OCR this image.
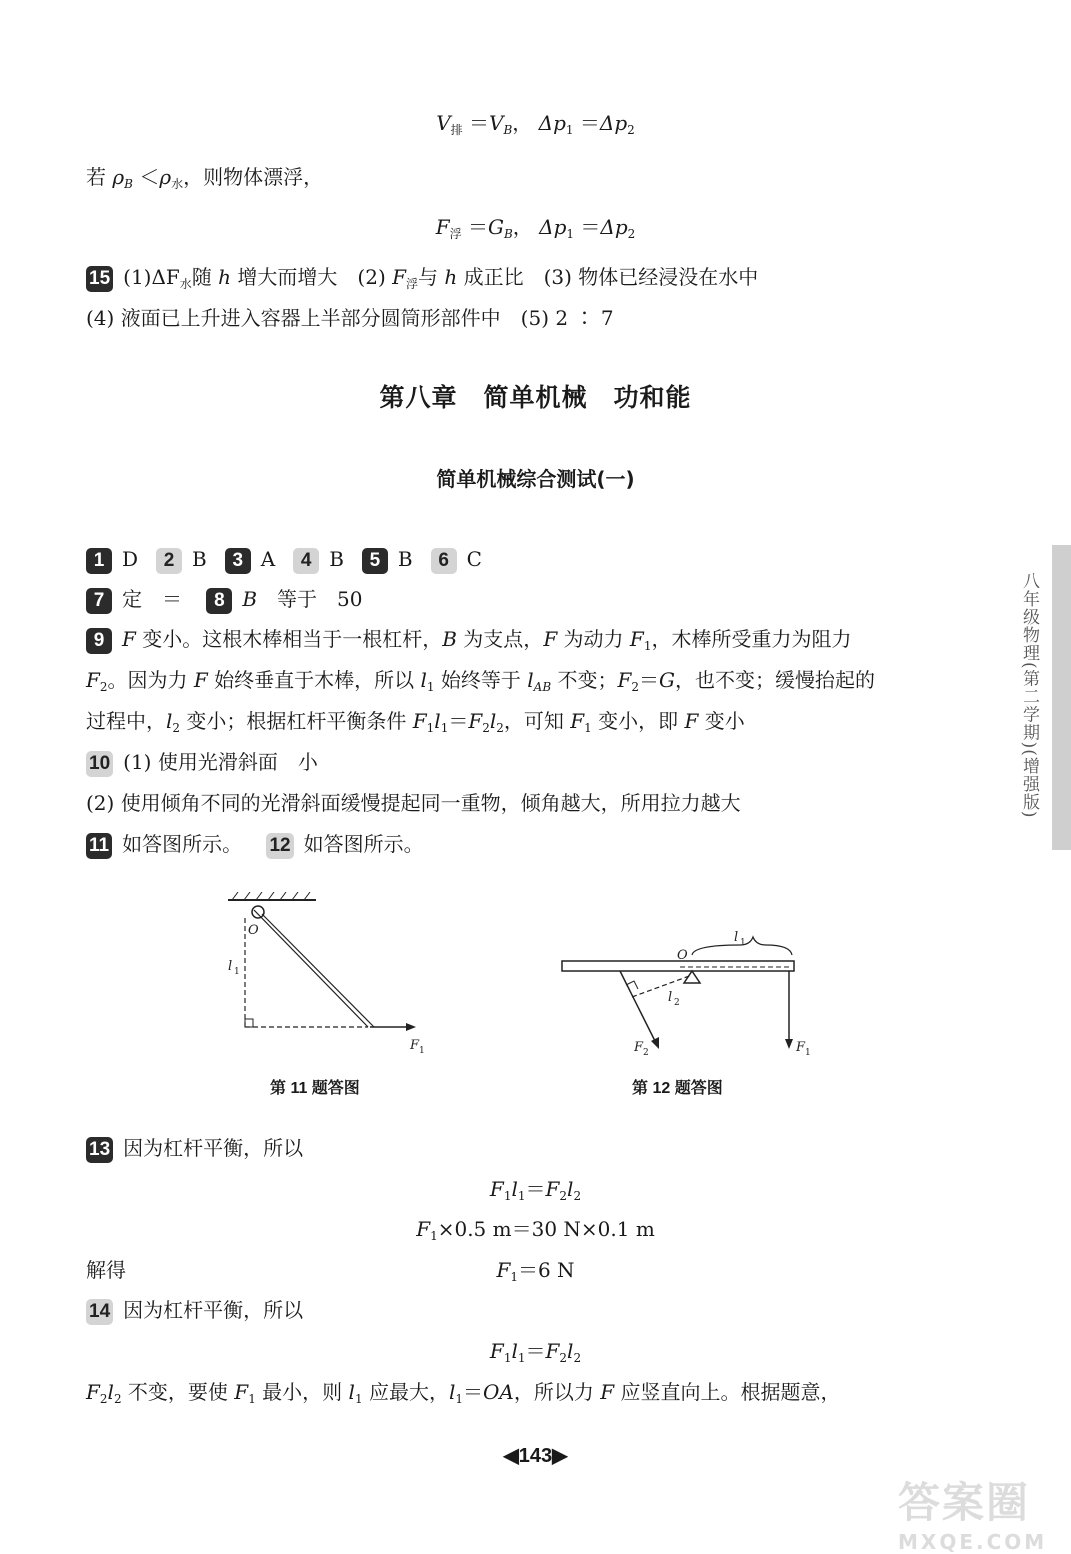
$V_排 =V_B$， $\Delta p_1 =\Delta p_2$
若 $\rho_B <\rho_水$，则物体漂浮，
$F_浮 =G_B$， $\Delta p_1 =\Delta p_2$
15 $(1)\Delta F_水$随 h 增大而增大　(2) $F_浮$与 h 成正比　(3) 物体已经浸没在水中
(4) 液面已上升进入容器上半部分圆筒形部件中　(5) 2 ∶ 7
第八章　简单机械　功和能
简单机械综合测试(一)
1 D 2 B 3 A 4 B 5 B 6 C
7 定　＝ 8 B　等于　50
9 F 变小。这根木棒相当于一根杠杆，B 为支点，F 为动力 $F_1$，木棒所受重力为阻力
$F_2$。因为力 F 始终垂直于木棒，所以 $l_1$ 始终等于 $l_{AB}$ 不变；$F_2=G$，也不变；缓慢抬起的
过程中，$l_2$ 变小；根据杠杆平衡条件 $F_1l_1=F_2l_2$，可知 $F_1$ 变小，即 F 变小
10 (1) 使用光滑斜面　小
(2) 使用倾角不同的光滑斜面缓慢提起同一重物，倾角越大，所用拉力越大
11 如答图所示。 12 如答图所示。
O
l 1
F 1
第 11 题答图
O
l 1
l 2
F 2	F 1
第 12 题答图
13 因为杠杆平衡，所以
$F_1l_1=F_2l_2$
$F_1\times 0.5$ m＝30 N×0.1 m
解得	$F_1=6$ N
14 因为杠杆平衡，所以
$F_1l_1=F_2l_2$
$F_2l_2$ 不变，要使 $F_1$ 最小，则 $l_1$ 应最大，$l_1=OA$，所以力 F 应竖直向上。根据题意，
八年级物理(第二学期)(增强版)
◀143▶
答案圈
MXQE.COM
